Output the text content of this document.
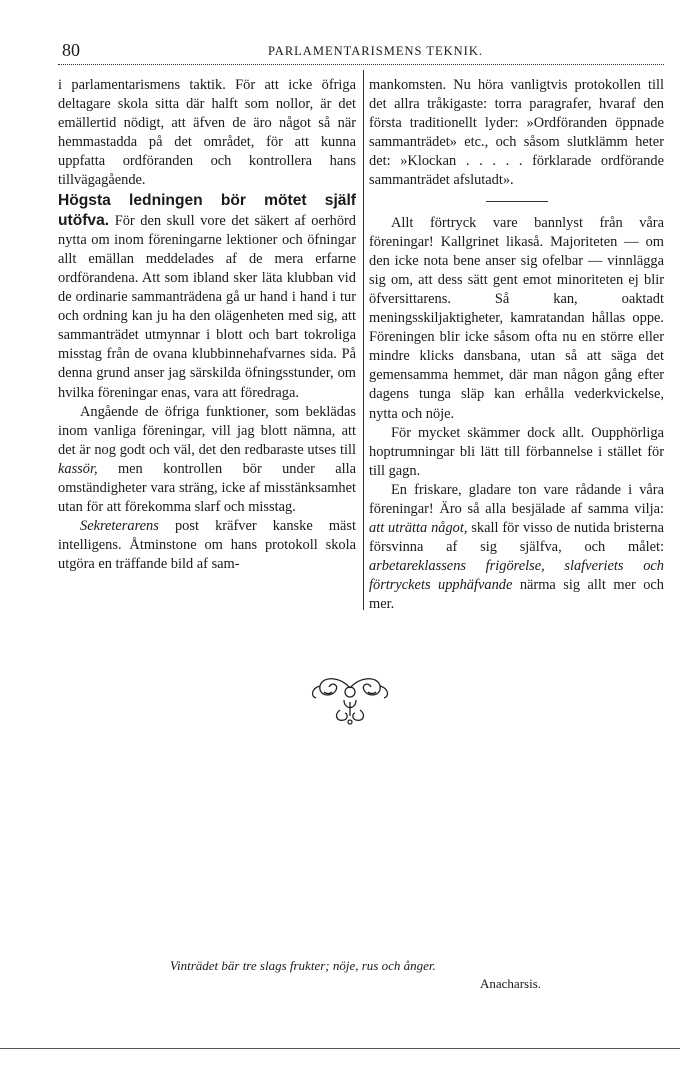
80	PARLAMENTARISMENS TEKNIK.

i parlamentarismens taktik. För att icke öfriga deltagare skola sitta där halft som nollor, är det emällertid nödigt, att äfven de äro något så när hemmastadda på det området, för att kunna uppfatta ordföranden och kontrollera hans tillvägagående.

Högsta ledningen bör mötet själf utöfva. För den skull vore det säkert af oerhörd nytta om inom föreningarne lektioner och öfningar allt emällan meddelades af de mera erfarne ordförandena. Att som ibland sker läta klubban vid de ordinarie sammanträdena gå ur hand i hand i tur och ordning kan ju ha den olägenheten med sig, att sammanträdet utmynnar i blott och bart tokroliga misstag från de ovana klubbinnehafvarnes sida. På denna grund anser jag särskilda öfningsstunder, om hvilka föreningar enas, vara att föredraga.

Angående de öfriga funktioner, som beklädas inom vanliga föreningar, vill jag blott nämna, att det är nog godt och väl, det den redbaraste utses till kassör, men kontrollen bör under alla omständigheter vara sträng, icke af misstänksamhet utan för att förekomma slarf och misstag.

Sekreterarens post kräfver kanske mäst intelligens. Åtminstone om hans protokoll skola utgöra en träffande bild af sam-

mankomsten. Nu höra vanligtvis protokollen till det allra tråkigaste: torra paragrafer, hvaraf den första traditionellt lyder: »Ordföranden öppnade sammanträdet» etc., och såsom slutklämm heter det: »Klockan . . . . . förklarade ordförande sammanträdet afslutadt».

Allt förtryck vare bannlyst från våra föreningar! Kallgrinet likaså. Majoriteten — om den icke nota bene anser sig ofelbar — vinnlägga sig om, att dess sätt gent emot minoriteten ej blir öfversittarens. Så kan, oaktadt meningsskiljaktigheter, kamratandan hållas oppe. Föreningen blir icke såsom ofta nu en större eller mindre klicks dansbana, utan så att säga det gemensamma hemmet, där man någon gång efter dagens tunga släp kan erhålla vederkvickelse, nytta och nöje.

För mycket skämmer dock allt. Oupphörliga hoptrumningar bli lätt till förbannelse i stället för till gagn.

En friskare, gladare ton vare rådande i våra föreningar! Äro så alla besjälade af samma vilja: att uträtta något, skall för visso de nutida bristerna försvinna af sig själfva, och målet: arbetareklassens frigörelse, slafveriets och förtryckets upphäfvande närma sig allt mer och mer.

Vinträdet bär tre slags frukter; nöje, rus och ånger.
Anacharsis.
